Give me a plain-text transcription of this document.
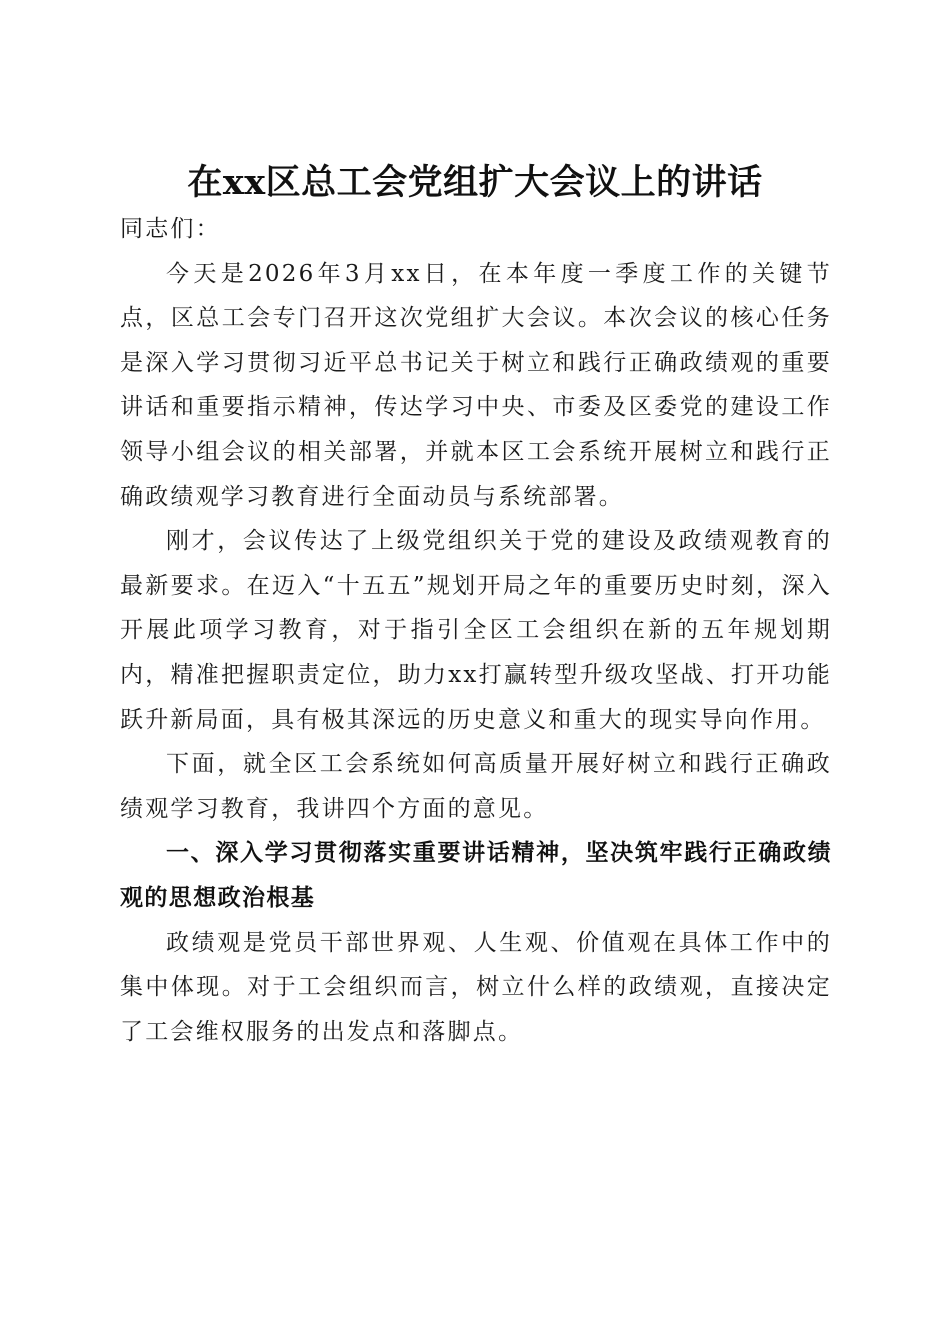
在xx区总工会党组扩大会议上的讲话

同志们：

今天是2026年3月xx日，在本年度一季度工作的关键节点，区总工会专门召开这次党组扩大会议。本次会议的核心任务是深入学习贯彻习近平总书记关于树立和践行正确政绩观的重要讲话和重要指示精神，传达学习中央、市委及区委党的建设工作领导小组会议的相关部署，并就本区工会系统开展树立和践行正确政绩观学习教育进行全面动员与系统部署。

刚才，会议传达了上级党组织关于党的建设及政绩观教育的最新要求。在迈入“十五五”规划开局之年的重要历史时刻，深入开展此项学习教育，对于指引全区工会组织在新的五年规划期内，精准把握职责定位，助力xx打赢转型升级攻坚战、打开功能跃升新局面，具有极其深远的历史意义和重大的现实导向作用。

下面，就全区工会系统如何高质量开展好树立和践行正确政绩观学习教育，我讲四个方面的意见。

一、深入学习贯彻落实重要讲话精神，坚决筑牢践行正确政绩观的思想政治根基

政绩观是党员干部世界观、人生观、价值观在具体工作中的集中体现。对于工会组织而言，树立什么样的政绩观，直接决定了工会维权服务的出发点和落脚点。
